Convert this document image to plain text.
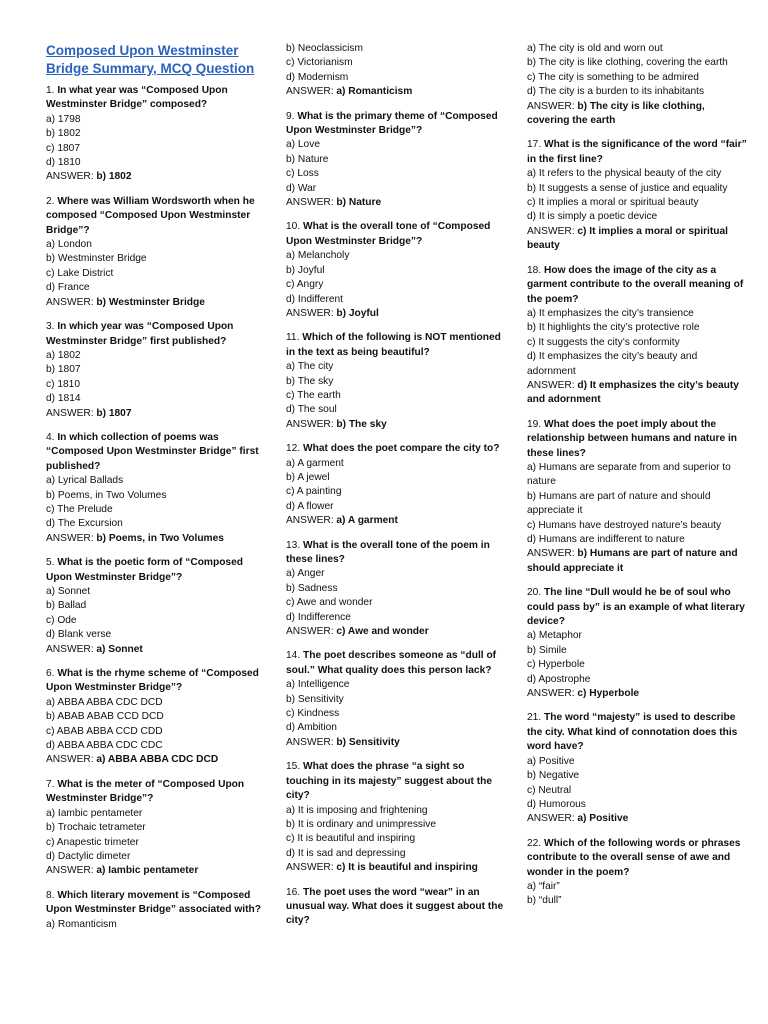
Composed Upon Westminster Bridge Summary, MCQ Question
1. In what year was “Composed Upon Westminster Bridge” composed?
a) 1798
b) 1802
c) 1807
d) 1810
ANSWER: b) 1802
2. Where was William Wordsworth when he composed “Composed Upon Westminster Bridge”?
a) London
b) Westminster Bridge
c) Lake District
d) France
ANSWER: b) Westminster Bridge
3. In which year was “Composed Upon Westminster Bridge” first published?
a) 1802
b) 1807
c) 1810
d) 1814
ANSWER: b) 1807
4. In which collection of poems was “Composed Upon Westminster Bridge” first published?
a) Lyrical Ballads
b) Poems, in Two Volumes
c) The Prelude
d) The Excursion
ANSWER: b) Poems, in Two Volumes
5. What is the poetic form of “Composed Upon Westminster Bridge”?
a) Sonnet
b) Ballad
c) Ode
d) Blank verse
ANSWER: a) Sonnet
6. What is the rhyme scheme of “Composed Upon Westminster Bridge”?
a) ABBA ABBA CDC DCD
b) ABAB ABAB CCD DCD
c) ABAB ABBA CCD CDD
d) ABBA ABBA CDC CDC
ANSWER: a) ABBA ABBA CDC DCD
7. What is the meter of “Composed Upon Westminster Bridge”?
a) Iambic pentameter
b) Trochaic tetrameter
c) Anapestic trimeter
d) Dactylic dimeter
ANSWER: a) Iambic pentameter
8. Which literary movement is “Composed Upon Westminster Bridge” associated with?
a) Romanticism
b) Neoclassicism
c) Victorianism
d) Modernism
ANSWER: a) Romanticism
9. What is the primary theme of “Composed Upon Westminster Bridge”?
a) Love
b) Nature
c) Loss
d) War
ANSWER: b) Nature
10. What is the overall tone of “Composed Upon Westminster Bridge”?
a) Melancholy
b) Joyful
c) Angry
d) Indifferent
ANSWER: b) Joyful
11. Which of the following is NOT mentioned in the text as being beautiful?
a) The city
b) The sky
c) The earth
d) The soul
ANSWER: b) The sky
12. What does the poet compare the city to?
a) A garment
b) A jewel
c) A painting
d) A flower
ANSWER: a) A garment
13. What is the overall tone of the poem in these lines?
a) Anger
b) Sadness
c) Awe and wonder
d) Indifference
ANSWER: c) Awe and wonder
14. The poet describes someone as “dull of soul.” What quality does this person lack?
a) Intelligence
b) Sensitivity
c) Kindness
d) Ambition
ANSWER: b) Sensitivity
15. What does the phrase “a sight so touching in its majesty” suggest about the city?
a) It is imposing and frightening
b) It is ordinary and unimpressive
c) It is beautiful and inspiring
d) It is sad and depressing
ANSWER: c) It is beautiful and inspiring
16. The poet uses the word “wear” in an unusual way. What does it suggest about the city?
a) The city is old and worn out
b) The city is like clothing, covering the earth
c) The city is something to be admired
d) The city is a burden to its inhabitants
ANSWER: b) The city is like clothing, covering the earth
17. What is the significance of the word “fair” in the first line?
a) It refers to the physical beauty of the city
b) It suggests a sense of justice and equality
c) It implies a moral or spiritual beauty
d) It is simply a poetic device
ANSWER: c) It implies a moral or spiritual beauty
18. How does the image of the city as a garment contribute to the overall meaning of the poem?
a) It emphasizes the city’s transience
b) It highlights the city’s protective role
c) It suggests the city’s conformity
d) It emphasizes the city’s beauty and adornment
ANSWER: d) It emphasizes the city’s beauty and adornment
19. What does the poet imply about the relationship between humans and nature in these lines?
a) Humans are separate from and superior to nature
b) Humans are part of nature and should appreciate it
c) Humans have destroyed nature’s beauty
d) Humans are indifferent to nature
ANSWER: b) Humans are part of nature and should appreciate it
20. The line “Dull would he be of soul who could pass by” is an example of what literary device?
a) Metaphor
b) Simile
c) Hyperbole
d) Apostrophe
ANSWER: c) Hyperbole
21. The word “majesty” is used to describe the city. What kind of connotation does this word have?
a) Positive
b) Negative
c) Neutral
d) Humorous
ANSWER: a) Positive
22. Which of the following words or phrases contribute to the overall sense of awe and wonder in the poem?
a) “fair”
b) “dull”
